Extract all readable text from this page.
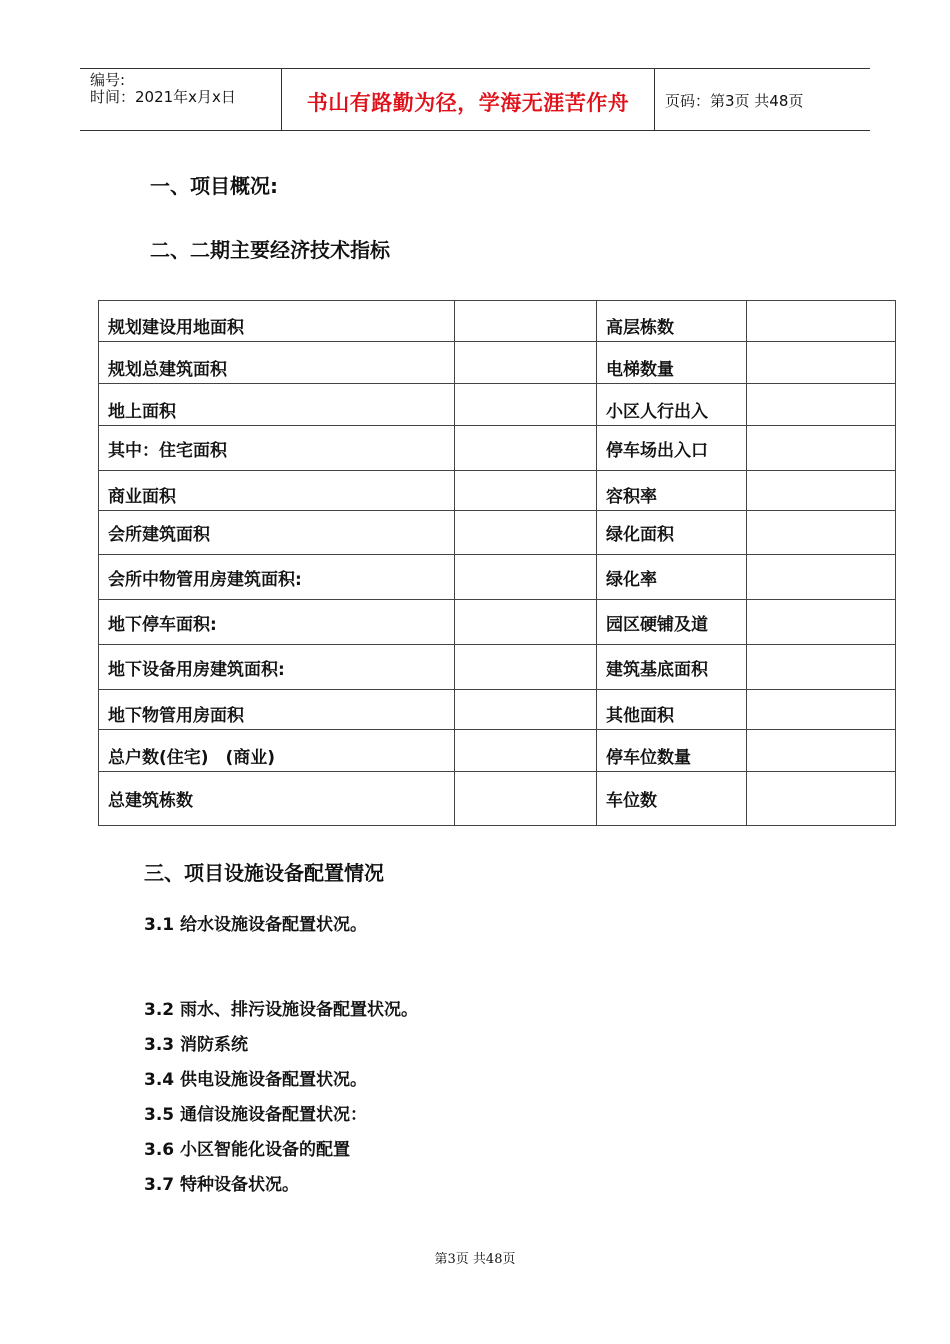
编号:
时间：2021年x月x日	书山有路勤为径，学海无涯苦作舟	页码：第3页 共48页
一、项目概况:
二、二期主要经济技术指标
规划建设用地面积		高层栋数	
规划总建筑面积		电梯数量	
地上面积		小区人行出入	
其中：住宅面积		停车场出入口	
商业面积		容积率	
会所建筑面积		绿化面积	
会所中物管用房建筑面积:		绿化率	
地下停车面积:		园区硬铺及道	
地下设备用房建筑面积:		建筑基底面积	
地下物管用房面积		其他面积	
总户数(住宅)　(商业)		停车位数量	
总建筑栋数		车位数	
三、项目设施设备配置情况
3.1 给水设施设备配置状况。
3.2 雨水、排污设施设备配置状况。
3.3 消防系统
3.4 供电设施设备配置状况。
3.5 通信设施设备配置状况：
3.6 小区智能化设备的配置
3.7 特种设备状况。
第3页 共48页
